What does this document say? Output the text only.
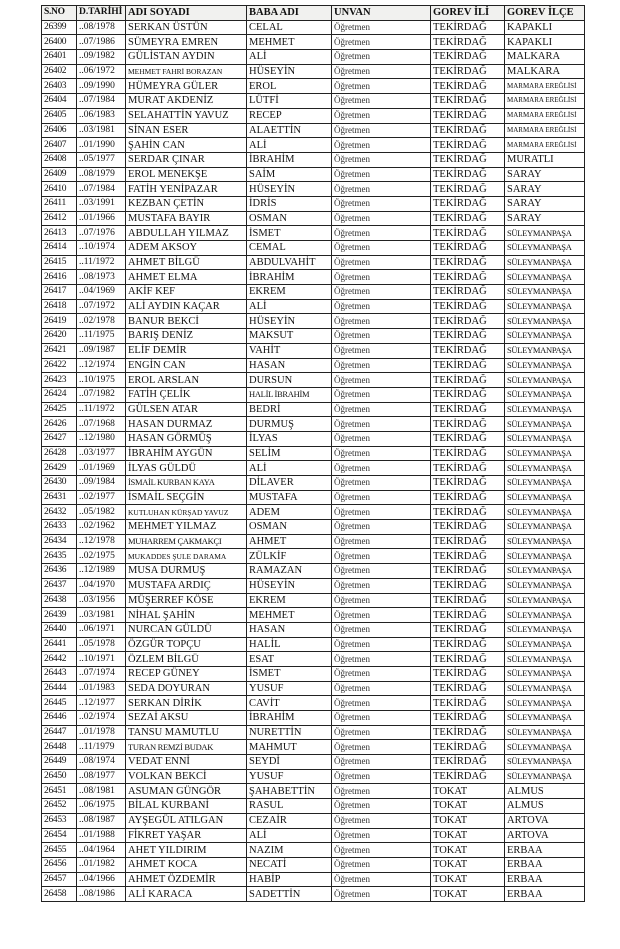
S.NO	D.TARİHİ	ADI SOYADI	BABA ADI	UNVAN	GOREV İLİ	GOREV İLÇE
26399	..08/1978	SERKAN ÜSTÜN	CELAL	Öğretmen	TEKİRDAĞ	KAPAKLI
26400	..07/1986	SÜMEYRA EMREN	MEHMET	Öğretmen	TEKİRDAĞ	KAPAKLI
26401	..09/1982	GÜLİSTAN AYDIN	ALİ	Öğretmen	TEKİRDAĞ	MALKARA
26402	..06/1972	MEHMET FAHRİ BORAZAN	HÜSEYİN	Öğretmen	TEKİRDAĞ	MALKARA
26403	..09/1990	HÜMEYRA GÜLER	EROL	Öğretmen	TEKİRDAĞ	MARMARA EREĞLİSİ
26404	..07/1984	MURAT AKDENİZ	LÜTFİ	Öğretmen	TEKİRDAĞ	MARMARA EREĞLİSİ
26405	..06/1983	SELAHATTİN YAVUZ	RECEP	Öğretmen	TEKİRDAĞ	MARMARA EREĞLİSİ
26406	..03/1981	SİNAN ESER	ALAETTİN	Öğretmen	TEKİRDAĞ	MARMARA EREĞLİSİ
26407	..01/1990	ŞAHİN CAN	ALİ	Öğretmen	TEKİRDAĞ	MARMARA EREĞLİSİ
26408	..05/1977	SERDAR ÇINAR	İBRAHİM	Öğretmen	TEKİRDAĞ	MURATLI
26409	..08/1979	EROL MENEKŞE	SAİM	Öğretmen	TEKİRDAĞ	SARAY
26410	..07/1984	FATİH YENİPAZAR	HÜSEYİN	Öğretmen	TEKİRDAĞ	SARAY
26411	..03/1991	KEZBAN ÇETİN	İDRİS	Öğretmen	TEKİRDAĞ	SARAY
26412	..01/1966	MUSTAFA BAYIR	OSMAN	Öğretmen	TEKİRDAĞ	SARAY
26413	..07/1976	ABDULLAH YILMAZ	İSMET	Öğretmen	TEKİRDAĞ	SÜLEYMANPAŞA
26414	..10/1974	ADEM AKSOY	CEMAL	Öğretmen	TEKİRDAĞ	SÜLEYMANPAŞA
26415	..11/1972	AHMET BİLGÜ	ABDULVAHİT	Öğretmen	TEKİRDAĞ	SÜLEYMANPAŞA
26416	..08/1973	AHMET ELMA	İBRAHİM	Öğretmen	TEKİRDAĞ	SÜLEYMANPAŞA
26417	..04/1969	AKİF KEF	EKREM	Öğretmen	TEKİRDAĞ	SÜLEYMANPAŞA
26418	..07/1972	ALİ AYDIN KAÇAR	ALİ	Öğretmen	TEKİRDAĞ	SÜLEYMANPAŞA
26419	..02/1978	BANUR BEKCİ	HÜSEYİN	Öğretmen	TEKİRDAĞ	SÜLEYMANPAŞA
26420	..11/1975	BARIŞ DENİZ	MAKSUT	Öğretmen	TEKİRDAĞ	SÜLEYMANPAŞA
26421	..09/1987	ELİF DEMİR	VAHİT	Öğretmen	TEKİRDAĞ	SÜLEYMANPAŞA
26422	..12/1974	ENGİN CAN	HASAN	Öğretmen	TEKİRDAĞ	SÜLEYMANPAŞA
26423	..10/1975	EROL ARSLAN	DURSUN	Öğretmen	TEKİRDAĞ	SÜLEYMANPAŞA
26424	..07/1982	FATİH ÇELİK	HALİL İBRAHİM	Öğretmen	TEKİRDAĞ	SÜLEYMANPAŞA
26425	..11/1972	GÜLSEN ATAR	BEDRİ	Öğretmen	TEKİRDAĞ	SÜLEYMANPAŞA
26426	..07/1968	HASAN DURMAZ	DURMUŞ	Öğretmen	TEKİRDAĞ	SÜLEYMANPAŞA
26427	..12/1980	HASAN GÖRMÜŞ	İLYAS	Öğretmen	TEKİRDAĞ	SÜLEYMANPAŞA
26428	..03/1977	İBRAHİM AYGÜN	SELİM	Öğretmen	TEKİRDAĞ	SÜLEYMANPAŞA
26429	..01/1969	İLYAS GÜLDÜ	ALİ	Öğretmen	TEKİRDAĞ	SÜLEYMANPAŞA
26430	..09/1984	İSMAİL KURBAN KAYA	DİLAVER	Öğretmen	TEKİRDAĞ	SÜLEYMANPAŞA
26431	..02/1977	İSMAİL SEÇGİN	MUSTAFA	Öğretmen	TEKİRDAĞ	SÜLEYMANPAŞA
26432	..05/1982	KUTLUHAN KÜRŞAD YAVUZ	ADEM	Öğretmen	TEKİRDAĞ	SÜLEYMANPAŞA
26433	..02/1962	MEHMET YILMAZ	OSMAN	Öğretmen	TEKİRDAĞ	SÜLEYMANPAŞA
26434	..12/1978	MUHARREM ÇAKMAKÇI	AHMET	Öğretmen	TEKİRDAĞ	SÜLEYMANPAŞA
26435	..02/1975	MUKADDES ŞULE DARAMA	ZÜLKİF	Öğretmen	TEKİRDAĞ	SÜLEYMANPAŞA
26436	..12/1989	MUSA DURMUŞ	RAMAZAN	Öğretmen	TEKİRDAĞ	SÜLEYMANPAŞA
26437	..04/1970	MUSTAFA ARDIÇ	HÜSEYİN	Öğretmen	TEKİRDAĞ	SÜLEYMANPAŞA
26438	..03/1956	MÜŞERREF KÖSE	EKREM	Öğretmen	TEKİRDAĞ	SÜLEYMANPAŞA
26439	..03/1981	NİHAL ŞAHİN	MEHMET	Öğretmen	TEKİRDAĞ	SÜLEYMANPAŞA
26440	..06/1971	NURCAN GÜLDÜ	HASAN	Öğretmen	TEKİRDAĞ	SÜLEYMANPAŞA
26441	..05/1978	ÖZGÜR TOPÇU	HALİL	Öğretmen	TEKİRDAĞ	SÜLEYMANPAŞA
26442	..10/1971	ÖZLEM BİLGÜ	ESAT	Öğretmen	TEKİRDAĞ	SÜLEYMANPAŞA
26443	..07/1974	RECEP GÜNEY	İSMET	Öğretmen	TEKİRDAĞ	SÜLEYMANPAŞA
26444	..01/1983	SEDA DOYURAN	YUSUF	Öğretmen	TEKİRDAĞ	SÜLEYMANPAŞA
26445	..12/1977	SERKAN DİRİK	CAVİT	Öğretmen	TEKİRDAĞ	SÜLEYMANPAŞA
26446	..02/1974	SEZAİ AKSU	İBRAHİM	Öğretmen	TEKİRDAĞ	SÜLEYMANPAŞA
26447	..01/1978	TANSU MAMUTLU	NURETTİN	Öğretmen	TEKİRDAĞ	SÜLEYMANPAŞA
26448	..11/1979	TURAN REMZİ BUDAK	MAHMUT	Öğretmen	TEKİRDAĞ	SÜLEYMANPAŞA
26449	..08/1974	VEDAT ENNİ	SEYDİ	Öğretmen	TEKİRDAĞ	SÜLEYMANPAŞA
26450	..08/1977	VOLKAN BEKCİ	YUSUF	Öğretmen	TEKİRDAĞ	SÜLEYMANPAŞA
26451	..08/1981	ASUMAN GÜNGÖR	ŞAHABETTİN	Öğretmen	TOKAT	ALMUS
26452	..06/1975	BİLAL KURBANİ	RASUL	Öğretmen	TOKAT	ALMUS
26453	..08/1987	AYŞEGÜL ATILGAN	CEZAİR	Öğretmen	TOKAT	ARTOVA
26454	..01/1988	FİKRET YAŞAR	ALİ	Öğretmen	TOKAT	ARTOVA
26455	..04/1964	AHET YILDIRIM	NAZIM	Öğretmen	TOKAT	ERBAA
26456	..01/1982	AHMET KOCA	NECATİ	Öğretmen	TOKAT	ERBAA
26457	..04/1966	AHMET ÖZDEMİR	HABİP	Öğretmen	TOKAT	ERBAA
26458	..08/1986	ALİ KARACA	SADETTİN	Öğretmen	TOKAT	ERBAA
